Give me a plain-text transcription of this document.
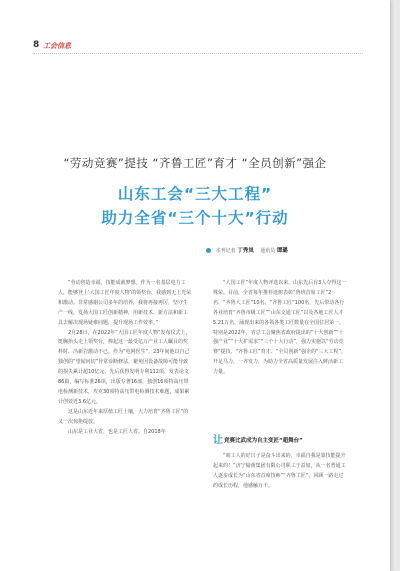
8 工会信息
“劳动竞赛”提技 “齐鲁工匠”育才 “全员创新”强企
山东工会“三大工程”
助力全省“三个十大”行动
本刊记者 丁秀岚 通讯员 谭璐

“劳动创造幸福，技能成就梦想。作为一名基层电力工人，能够登上‘大国工匠年度人物’的领奖台，我感到无上光荣和激动。非常感谢公司多年的培养，我将再接再厉，坚守生产一线，发扬大国工匠创新精神，用新技术、新方法和新工具去解决现场疑难问题，提升现场工作效率。”

2月28日，在2022年“大国工匠年度人物”发布仪式上，挺胸抬头走上领奖台，捧起这一最受亿万产业工人瞩目的奖杯时，冯新岩激动不已。作为“电网医生”，23年间他以自己独创的“望闻问切”异常诊断修法，避免因设备故障可能导致的损失累计超10亿元，先后获得发明专利112项、发表论文86篇，编写标准26项，出版专著16部，独创16项特高压带电检测新技术，攻克30项特高压带电检测技术难题，成果累计创效近3.6亿元。

这是山东近年来厚植工匠土壤，大力培育“齐鲁工匠”的又一次惊艳绽放。

山东是工业大省，也是工匠大省。自2018年

“大国工匠”年度人物评选以来，山东先后有3人夺得这一殊荣。目前，全省每年推荐选树表彰“鲁班首席工匠”2名、“齐鲁大工匠”10名、“齐鲁工匠”100名，先后带动各行各业培育“齐鲁市级工匠”“山东交通工匠”以及各地工匠人才5.21万名，涌现出来的各领各类工匠数量在全国位居第一。特别是2022年，省总工会聚焦省政府提出的“十大创新”“十强产业”“十大扩需求”“三个十大行动”，强力实施以“劳动竞赛”提技、“齐鲁工匠”育才、“全员创新”强企的“三大工程”，开足马力，一齐发力，为助力全省高质量发展注入鲜活新工力量。

让竞赛比武成为自主变匠“超舞台”

“咱工人的好日子是奋斗出来的，幸福自我是靠技能提升起来的！”济宁榆黄集团有限公司职工于益如，从一名普通工人逐步成长为“山东省首席技师”“齐鲁工匠”，回顾一路走过的成长历程，他感触万千。
